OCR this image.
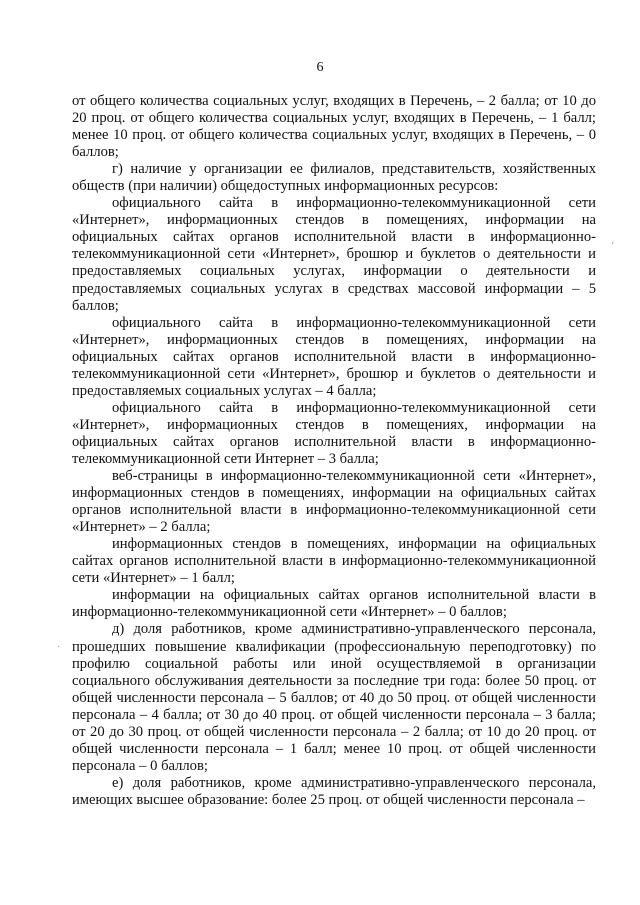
6

от общего количества социальных услуг, входящих в Перечень, – 2 балла; от 10 до 20 проц. от общего количества социальных услуг, входящих в Перечень, – 1 балл; менее 10 проц. от общего количества социальных услуг, входящих в Перечень, – 0 баллов;

г) наличие у организации ее филиалов, представительств, хозяйственных обществ (при наличии) общедоступных информационных ресурсов:

официального сайта в информационно-телекоммуникационной сети «Интернет», информационных стендов в помещениях, информации на официальных сайтах органов исполнительной власти в информационно-телекоммуникационной сети «Интернет», брошюр и буклетов о деятельности и предоставляемых социальных услугах, информации о деятельности и предоставляемых социальных услугах в средствах массовой информации – 5 баллов;

официального сайта в информационно-телекоммуникационной сети «Интернет», информационных стендов в помещениях, информации на официальных сайтах органов исполнительной власти в информационно-телекоммуникационной сети «Интернет», брошюр и буклетов о деятельности и предоставляемых социальных услугах – 4 балла;

официального сайта в информационно-телекоммуникационной сети «Интернет», информационных стендов в помещениях, информации на официальных сайтах органов исполнительной власти в информационно-телекоммуникационной сети Интернет – 3 балла;

веб-страницы в информационно-телекоммуникационной сети «Интернет», информационных стендов в помещениях, информации на официальных сайтах органов исполнительной власти в информационно-телекоммуникационной сети «Интернет» – 2 балла;

информационных стендов в помещениях, информации на официальных сайтах органов исполнительной власти в информационно-телекоммуникационной сети «Интернет» – 1 балл;

информации на официальных сайтах органов исполнительной власти в информационно-телекоммуникационной сети «Интернет» – 0 баллов;

д) доля работников, кроме административно-управленческого персонала, прошедших повышение квалификации (профессиональную переподготовку) по профилю социальной работы или иной осуществляемой в организации социального обслуживания деятельности за последние три года: более 50 проц. от общей численности персонала – 5 баллов; от 40 до 50 проц. от общей численности персонала – 4 балла; от 30 до 40 проц. от общей численности персонала – 3 балла; от 20 до 30 проц. от общей численности персонала – 2 балла; от 10 до 20 проц. от общей численности персонала – 1 балл; менее 10 проц. от общей численности персонала – 0 баллов;

е) доля работников, кроме административно-управленческого персонала, имеющих высшее образование: более 25 проц. от общей численности персонала –

ʼ
·
